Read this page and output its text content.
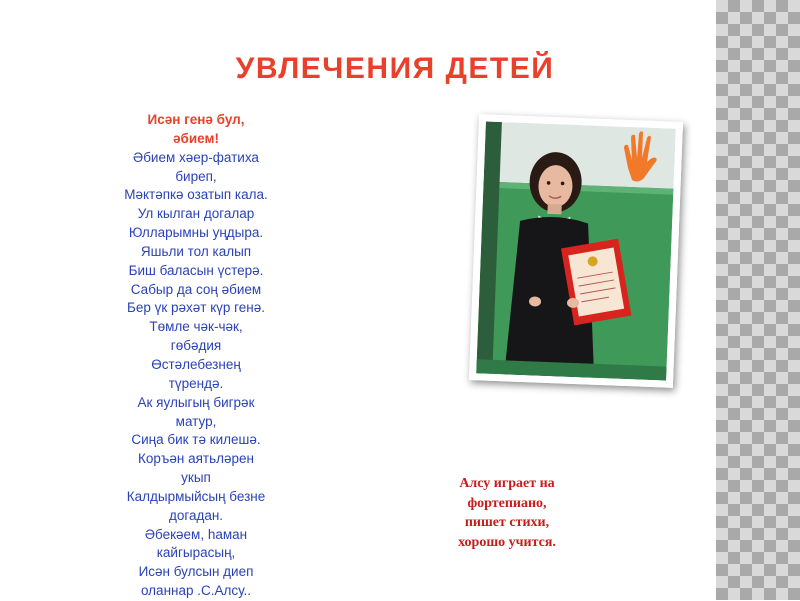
УВЛЕЧЕНИЯ ДЕТЕЙ
Исән генә бул,
әбием!
Әбием хәер-фатиха
биреп,
Мәктәпкә озатып кала.
Ул кылган догалар
Юлларымны уңдыра.
Яшьли тол калып
Биш баласын үстерә.
Сабыр да соң әбием
Бер үк рәхәт күр генә.
Төмле чәк-чәк,
гөбәдия
Өстәлебезнең
түрендә.
Ак яулыгың бигрәк
матур,
Сиңа бик тә килешә.
Коръән аятьләрен
укып
Калдырмыйсың безне
догадан.
Әбекәем, һаман
кайгырасың,
Исән булсын диеп
оланнар .С.Алсу..
Алсу играет на
фортепиано,
пишет стихи,
хорошо учится.
